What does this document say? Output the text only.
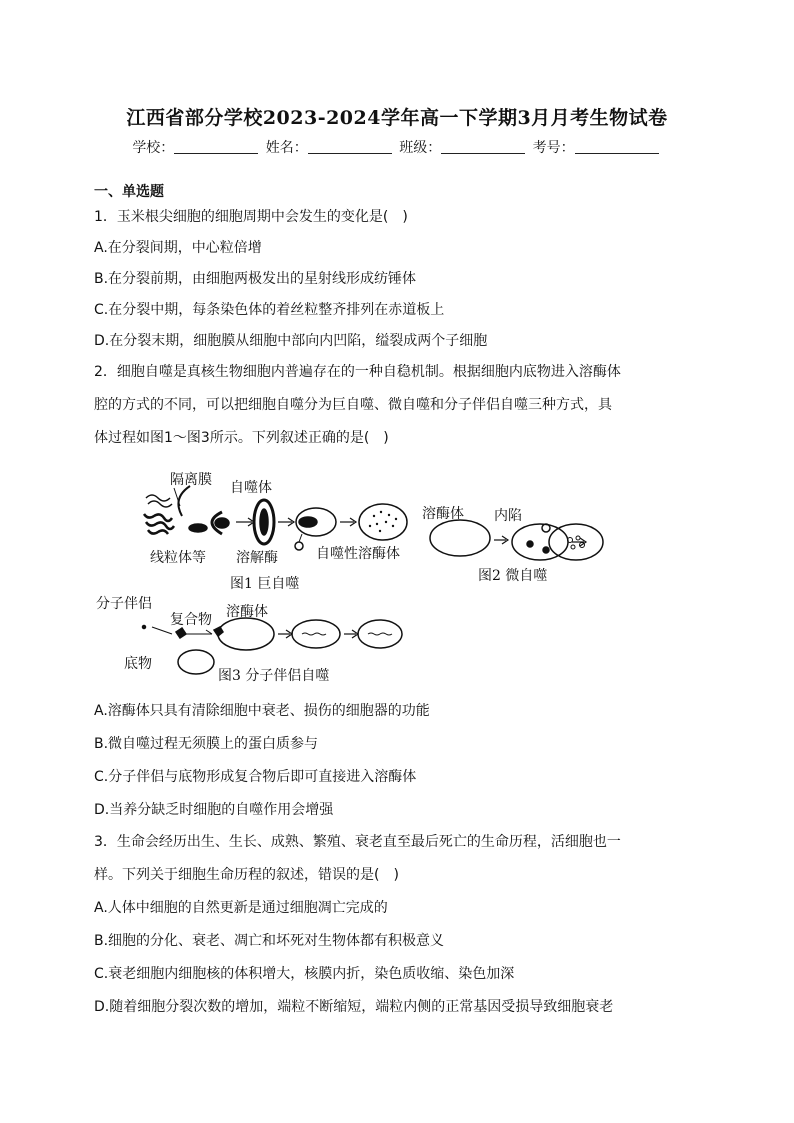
江西省部分学校2023-2024学年高一下学期3月月考生物试卷
学校：	姓名：	班级：	考号：
一、单选题
1．玉米根尖细胞的细胞周期中会发生的变化是(　)
A.在分裂间期，中心粒倍增
B.在分裂前期，由细胞两极发出的星射线形成纺锤体
C.在分裂中期，每条染色体的着丝粒整齐排列在赤道板上
D.在分裂末期，细胞膜从细胞中部向内凹陷，缢裂成两个子细胞
2．细胞自噬是真核生物细胞内普遍存在的一种自稳机制。根据细胞内底物进入溶酶体
腔的方式的不同，可以把细胞自噬分为巨自噬、微自噬和分子伴侣自噬三种方式，具
体过程如图1～图3所示。下列叙述正确的是(　)
隔离膜 自噬体
线粒体等 溶解酶	自噬性溶酶体
图1 巨自噬
溶酶体 内陷
图2 微自噬
分子伴侣
复合物 溶酶体
底物
图3 分子伴侣自噬
A.溶酶体只具有清除细胞中衰老、损伤的细胞器的功能
B.微自噬过程无须膜上的蛋白质参与
C.分子伴侣与底物形成复合物后即可直接进入溶酶体
D.当养分缺乏时细胞的自噬作用会增强
3．生命会经历出生、生长、成熟、繁殖、衰老直至最后死亡的生命历程，活细胞也一
样。下列关于细胞生命历程的叙述，错误的是(　)
A.人体中细胞的自然更新是通过细胞凋亡完成的
B.细胞的分化、衰老、凋亡和坏死对生物体都有积极意义
C.衰老细胞内细胞核的体积增大，核膜内折，染色质收缩、染色加深
D.随着细胞分裂次数的增加，端粒不断缩短，端粒内侧的正常基因受损导致细胞衰老
